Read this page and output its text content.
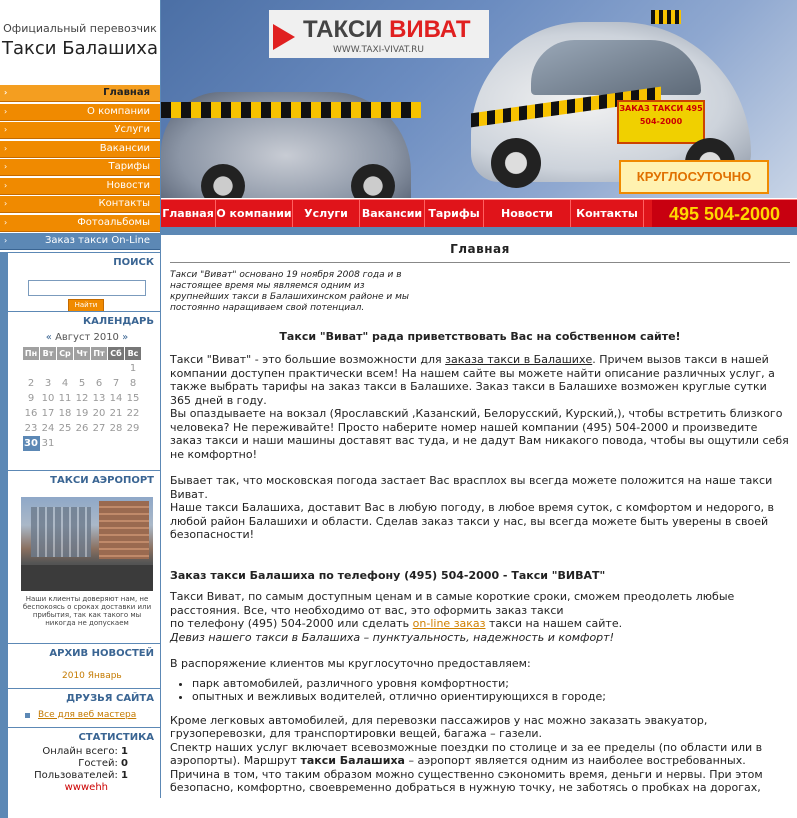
Официальный перевозчик
Такси Балашиха
›	Главная
›	О компании
›	Услуги
›	Вакансии
›	Тарифы
›	Новости
›	Контакты
›	Фотоальбомы
›	Заказ такси On-Line
ПОИСК
Найти
КАЛЕНДАРЬ
« Август 2010 »
Пн	Вт	Ср	Чт	Пт	Сб	Вс
						1
2	3	4	5	6	7	8
9	10	11	12	13	14	15
16	17	18	19	20	21	22
23	24	25	26	27	28	29
30	31					
ТАКСИ АЭРОПОРТ
Наши клиенты доверяют нам, не беспокоясь о сроках доставки или прибытия, так как такого мы никогда не допускаем
АРХИВ НОВОСТЕЙ
2010 Январь
ДРУЗЬЯ САЙТА
Все для веб мастера
СТАТИСТИКА
Онлайн всего: 1
Гостей: 0
Пользователей: 1
wwwehh
ТАКСИ ВИВАТ
WWW.TAXI-VIVAT.RU
ЗАКАЗ ТАКСИ 495 504-2000
КРУГЛОСУТОЧНО
Главная О компании	Услуги	Вакансии Тарифы	Новости	Контакты	495 504-2000
Главная
Такси "Виват" основано 19 ноября 2008 года и в настоящее время мы являемся одним из крупнейших такси в Балашихинском районе и мы постоянно наращиваем свой потенциал.
Такси "Виват" рада приветствовать Вас на собственном сайте!

Такси "Виват" - это большие возможности для заказа такси в Балашихе. Причем вызов такси в нашей компании доступен практически всем! На нашем сайте вы можете найти описание различных услуг, а также выбрать тарифы на заказ такси в Балашихе. Заказ такси в Балашихе возможен круглые сутки 365 дней в году.

Вы опаздываете на вокзал (Ярославский ,Казанский, Белорусский, Курский,), чтобы встретить близкого человека? Не переживайте! Просто наберите номер нашей компании (495) 504-2000 и произведите заказ такси и наши машины доставят вас туда, и не дадут Вам никакого повода, чтобы вы ощутили себя не комфортно!

Бывает так, что московская погода застает Вас врасплох вы всегда можете положится на наше такси Виват.

Наше такси Балашиха, доставит Вас в любую погоду, в любое время суток, с комфортом и недорого, в любой район Балашихи и области. Сделав заказ такси у нас, вы всегда можете быть уверены в своей безопасности!

Заказ такси Балашиха по телефону (495) 504-2000 - Такси "ВИВАТ"

Такси Виват, по самым доступным ценам и в самые короткие сроки, сможем преодолеть любые расстояния. Все, что необходимо от вас, это оформить заказ такси

по телефону (495) 504-2000 или сделать on-line заказ такси на нашем сайте.

Девиз нашего такси в Балашиха – пунктуальность, надежность и комфорт!

В распоряжение клиентов мы круглосуточно предоставляем:

• парк автомобилей, различного уровня комфортности;
• опытных и вежливых водителей, отлично ориентирующихся в городе;

Кроме легковых автомобилей, для перевозки пассажиров у нас можно заказать эвакуатор, грузоперевозки, для транспортировки вещей, багажа – газели.

Спектр наших услуг включает всевозможные поездки по столице и за ее пределы (по области или в аэропорты). Маршрут такси Балашиха – аэропорт является одним из наиболее востребованных. Причина в том, что таким образом можно существенно сэкономить время, деньги и нервы. При этом безопасно, комфортно, своевременно добраться в нужную точку, не заботясь о пробках на дорогах,
